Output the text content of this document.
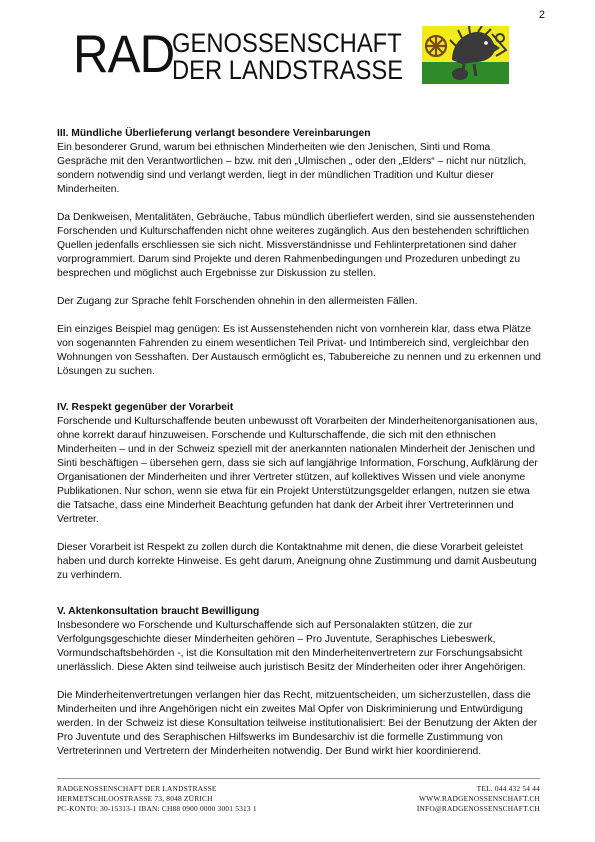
2
RAD
GENOSSENSCHAFT
DER LANDSTRASSE
III. Mündliche Überlieferung verlangt besondere Vereinbarungen

Ein besonderer Grund, warum bei ethnischen Minderheiten wie den Jenischen, Sinti und Roma Gespräche mit den Verantwortlichen – bzw. mit den „Ulmischen „ oder den „Elders“ – nicht nur nützlich, sondern notwendig sind und verlangt werden, liegt in der mündlichen Tradition und Kultur dieser Minderheiten.

Da Denkweisen, Mentalitäten, Gebräuche, Tabus mündlich überliefert werden, sind sie aussenstehenden Forschenden und Kulturschaffenden nicht ohne weiteres zugänglich. Aus den bestehenden schriftlichen Quellen jedenfalls erschliessen sie sich nicht. Missverständnisse und Fehlinterpretationen sind daher vorprogrammiert. Darum sind Projekte und deren Rahmenbedingungen und Prozeduren unbedingt zu besprechen und möglichst auch Ergebnisse zur Diskussion zu stellen.

Der Zugang zur Sprache fehlt Forschenden ohnehin in den allermeisten Fällen.

Ein einziges Beispiel mag genügen: Es ist Aussenstehenden nicht von vornherein klar, dass etwa Plätze von sogenannten Fahrenden zu einem wesentlichen Teil Privat- und Intimbereich sind, vergleichbar den Wohnungen von Sesshaften. Der Austausch ermöglicht es, Tabubereiche zu nennen und zu erkennen und Lösungen zu suchen.

IV. Respekt gegenüber der Vorarbeit

Forschende und Kulturschaffende beuten unbewusst oft Vorarbeiten der Minderheitenorganisationen aus, ohne korrekt darauf hinzuweisen. Forschende und Kulturschaffende, die sich mit den ethnischen Minderheiten – und in der Schweiz speziell mit der anerkannten nationalen Minderheit der Jenischen und Sinti beschäftigen – übersehen gern, dass sie sich auf langjährige Information, Forschung, Aufklärung der Organisationen der Minderheiten und ihrer Vertreter stützen, auf kollektives Wissen und viele anonyme Publikationen. Nur schon, wenn sie etwa für ein Projekt Unterstützungsgelder erlangen, nutzen sie etwa die Tatsache, dass eine Minderheit Beachtung gefunden hat dank der Arbeit ihrer Vertreterinnen und Vertreter.

Dieser Vorarbeit ist Respekt zu zollen durch die Kontaktnahme mit denen, die diese Vorarbeit geleistet haben und durch korrekte Hinweise. Es geht darum, Aneignung ohne Zustimmung und damit Ausbeutung zu verhindern.

V. Aktenkonsultation braucht Bewilligung

Insbesondere wo Forschende und Kulturschaffende sich auf Personalakten stützen, die zur Verfolgungsgeschichte dieser Minderheiten gehören – Pro Juventute, Seraphisches Liebeswerk, Vormundschaftsbehörden -, ist die Konsultation mit den Minderheitenvertretern zur Forschungsabsicht unerlässlich. Diese Akten sind teilweise auch juristisch Besitz der Minderheiten oder ihrer Angehörigen.

Die Minderheitenvertretungen verlangen hier das Recht, mitzuentscheiden, um sicherzustellen, dass die Minderheiten und ihre Angehörigen nicht ein zweites Mal Opfer von Diskriminierung und Entwürdigung werden. In der Schweiz ist diese Konsultation teilweise institutionalisiert: Bei der Benutzung der Akten der Pro Juventute und des Seraphischen Hilfswerks im Bundesarchiv ist die formelle Zustimmung von Vertreterinnen und Vertretern der Minderheiten notwendig. Der Bund wirkt hier koordinierend.

RADGENOSSENSCHAFT DER LANDSTRASSE
HERMETSCHLOOSTRASSE 73, 8048 ZÜRICH
PC-KONTO: 30-15313-1 IBAN: CH88 0900 0000 3001 5313 1
TEL. 044 432 54 44
WWW.RADGENOSSENSCHAFT.CH
INFO@RADGENOSSENSCHAFT.CH
